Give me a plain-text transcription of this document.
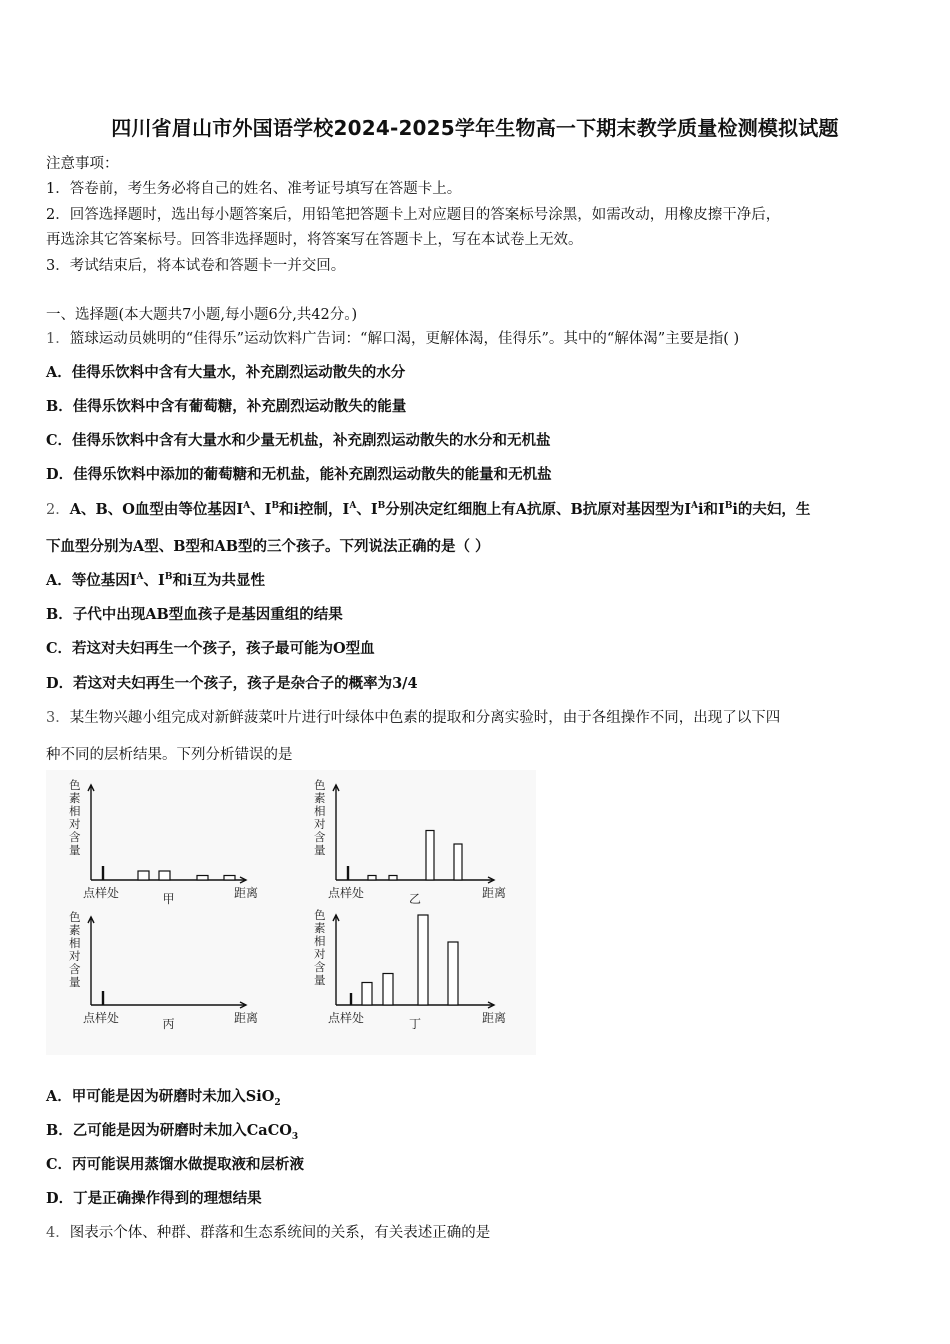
四川省眉山市外国语学校2024-2025学年生物高一下期末教学质量检测模拟试题
注意事项：
1．答卷前，考生务必将自己的姓名、准考证号填写在答题卡上。
2．回答选择题时，选出每小题答案后，用铅笔把答题卡上对应题目的答案标号涂黑，如需改动，用橡皮擦干净后，
再选涂其它答案标号。回答非选择题时，将答案写在答题卡上，写在本试卷上无效。
3．考试结束后，将本试卷和答题卡一并交回。
一、选择题(本大题共7小题,每小题6分,共42分。)
1．篮球运动员姚明的“佳得乐”运动饮料广告词：“解口渴，更解体渴，佳得乐”。其中的“解体渴”主要是指( )
A．佳得乐饮料中含有大量水，补充剧烈运动散失的水分
B．佳得乐饮料中含有葡萄糖，补充剧烈运动散失的能量
C．佳得乐饮料中含有大量水和少量无机盐，补充剧烈运动散失的水分和无机盐
D．佳得乐饮料中添加的葡萄糖和无机盐，能补充剧烈运动散失的能量和无机盐
2．A、B、O血型由等位基因$I^A$、$I^B$和i控制，$I^A$、$I^B$分别决定红细胞上有A抗原、B抗原对基因型为$I^Ai$和$I^Bi$的夫妇，生
下血型分别为A型、B型和AB型的三个孩子。下列说法正确的是（ ）
A．等位基因$I^A$、$I^B$和i互为共显性
B．子代中出现AB型血孩子是基因重组的结果
C．若这对夫妇再生一个孩子，孩子最可能为O型血
D．若这对夫妇再生一个孩子，孩子是杂合子的概率为3/4
3．某生物兴趣小组完成对新鲜菠菜叶片进行叶绿体中色素的提取和分离实验时，由于各组操作不同，出现了以下四
种不同的层析结果。下列分析错误的是
色
素
相
对
含
量
点样处	距离
甲
色
素
相
对
含
量
点样处	距离
乙
色
素
相
对
含
量
点样处	距离
丙
色
素
相
对
含
量
点样处	距离
丁
A．甲可能是因为研磨时未加入SiO$_2$
B．乙可能是因为研磨时未加入CaCO$_3$
C．丙可能误用蒸馏水做提取液和层析液
D．丁是正确操作得到的理想结果
4．图表示个体、种群、群落和生态系统间的关系，有关表述正确的是
